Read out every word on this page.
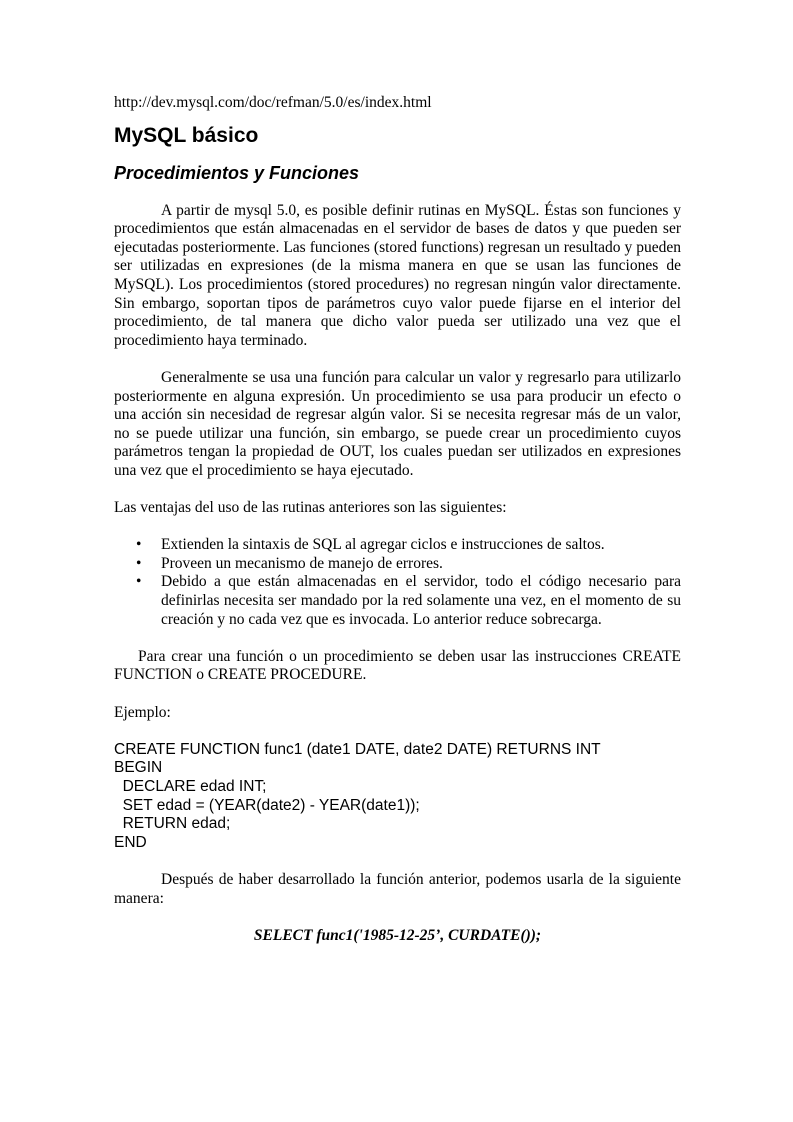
http://dev.mysql.com/doc/refman/5.0/es/index.html
MySQL básico
Procedimientos y Funciones

A partir de mysql 5.0, es posible definir rutinas en MySQL. Éstas son funciones y procedimientos que están almacenadas en el servidor de bases de datos y que pueden ser ejecutadas posteriormente. Las funciones (stored functions) regresan un resultado y pueden ser utilizadas en expresiones (de la misma manera en que se usan las funciones de MySQL). Los procedimientos (stored procedures) no regresan ningún valor directamente. Sin embargo, soportan tipos de parámetros cuyo valor puede fijarse en el interior del procedimiento, de tal manera que dicho valor pueda ser utilizado una vez que el procedimiento haya terminado.

Generalmente se usa una función para calcular un valor y regresarlo para utilizarlo posteriormente en alguna expresión. Un procedimiento se usa para producir un efecto o una acción sin necesidad de regresar algún valor. Si se necesita regresar más de un valor, no se puede utilizar una función, sin embargo, se puede crear un procedimiento cuyos parámetros tengan la propiedad de OUT, los cuales puedan ser utilizados en expresiones una vez que el procedimiento se haya ejecutado.

Las ventajas del uso de las rutinas anteriores son las siguientes:

• Extienden la sintaxis de SQL al agregar ciclos e instrucciones de saltos.
• Proveen un mecanismo de manejo de errores.
• Debido a que están almacenadas en el servidor, todo el código necesario para definirlas necesita ser mandado por la red solamente una vez, en el momento de su creación y no cada vez que es invocada. Lo anterior reduce sobrecarga.

Para crear una función o un procedimiento se deben usar las instrucciones CREATE FUNCTION o CREATE PROCEDURE.

Ejemplo:

CREATE FUNCTION func1 (date1 DATE, date2 DATE) RETURNS INT
BEGIN
DECLARE edad INT;
SET edad = (YEAR(date2) - YEAR(date1));
RETURN edad;
END

Después de haber desarrollado la función anterior, podemos usarla de la siguiente manera:

SELECT func1('1985-12-25’, CURDATE());
